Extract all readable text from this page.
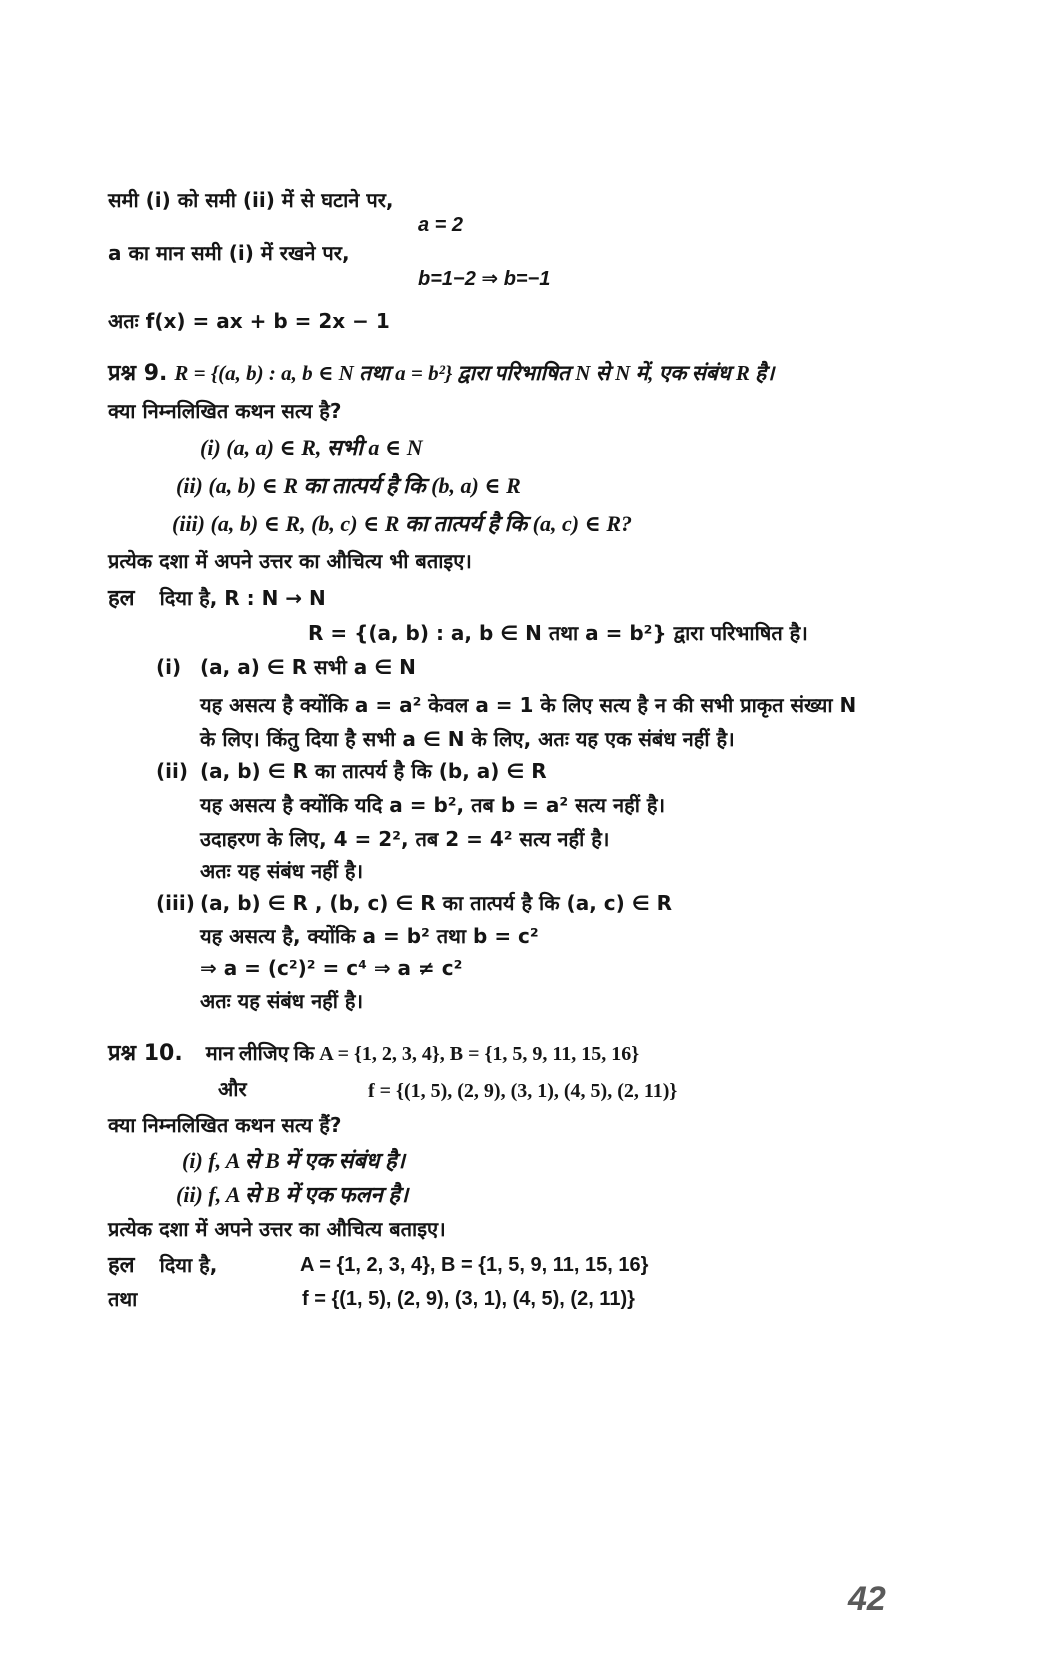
समी (i) को समी (ii) में से घटाने पर,
a = 2
a का मान समी (i) में रखने पर,
b=1−2 ⇒ b=−1
अतः f(x) = ax + b = 2x − 1
प्रश्न 9. R = {(a, b) : a, b ∈ N तथा a = b²} द्वारा परिभाषित N से N में, एक संबंध R है।
क्या निम्नलिखित कथन सत्य है?
(i) (a, a) ∈ R, सभी a ∈ N
(ii) (a, b) ∈ R का तात्पर्य है कि (b, a) ∈ R
(iii) (a, b) ∈ R, (b, c) ∈ R का तात्पर्य है कि (a, c) ∈ R?
प्रत्येक दशा में अपने उत्तर का औचित्य भी बताइए।
हल दिया है, R : N → N
R = {(a, b) : a, b ∈ N तथा a = b²} द्वारा परिभाषित है।
(i) (a, a) ∈ R सभी a ∈ N
यह असत्य है क्योंकि a = a² केवल a = 1 के लिए सत्य है न की सभी प्राकृत संख्या N
के लिए। किंतु दिया है सभी a ∈ N के लिए, अतः यह एक संबंध नहीं है।
(ii) (a, b) ∈ R का तात्पर्य है कि (b, a) ∈ R
यह असत्य है क्योंकि यदि a = b², तब b = a² सत्य नहीं है।
उदाहरण के लिए, 4 = 2², तब 2 = 4² सत्य नहीं है।
अतः यह संबंध नहीं है।
(iii) (a, b) ∈ R , (b, c) ∈ R का तात्पर्य है कि (a, c) ∈ R
यह असत्य है, क्योंकि a = b² तथा b = c²
⇒ a = (c²)² = c⁴ ⇒ a ≠ c²
अतः यह संबंध नहीं है।
प्रश्न 10. मान लीजिए कि A = {1, 2, 3, 4}, B = {1, 5, 9, 11, 15, 16}
और	f = {(1, 5), (2, 9), (3, 1), (4, 5), (2, 11)}
क्या निम्नलिखित कथन सत्य हैं?
(i) f, A से B में एक संबंध है।
(ii) f, A से B में एक फलन है।
प्रत्येक दशा में अपने उत्तर का औचित्य बताइए।
हल दिया है,	A = {1, 2, 3, 4}, B = {1, 5, 9, 11, 15, 16}
तथा	f = {(1, 5), (2, 9), (3, 1), (4, 5), (2, 11)}
42
